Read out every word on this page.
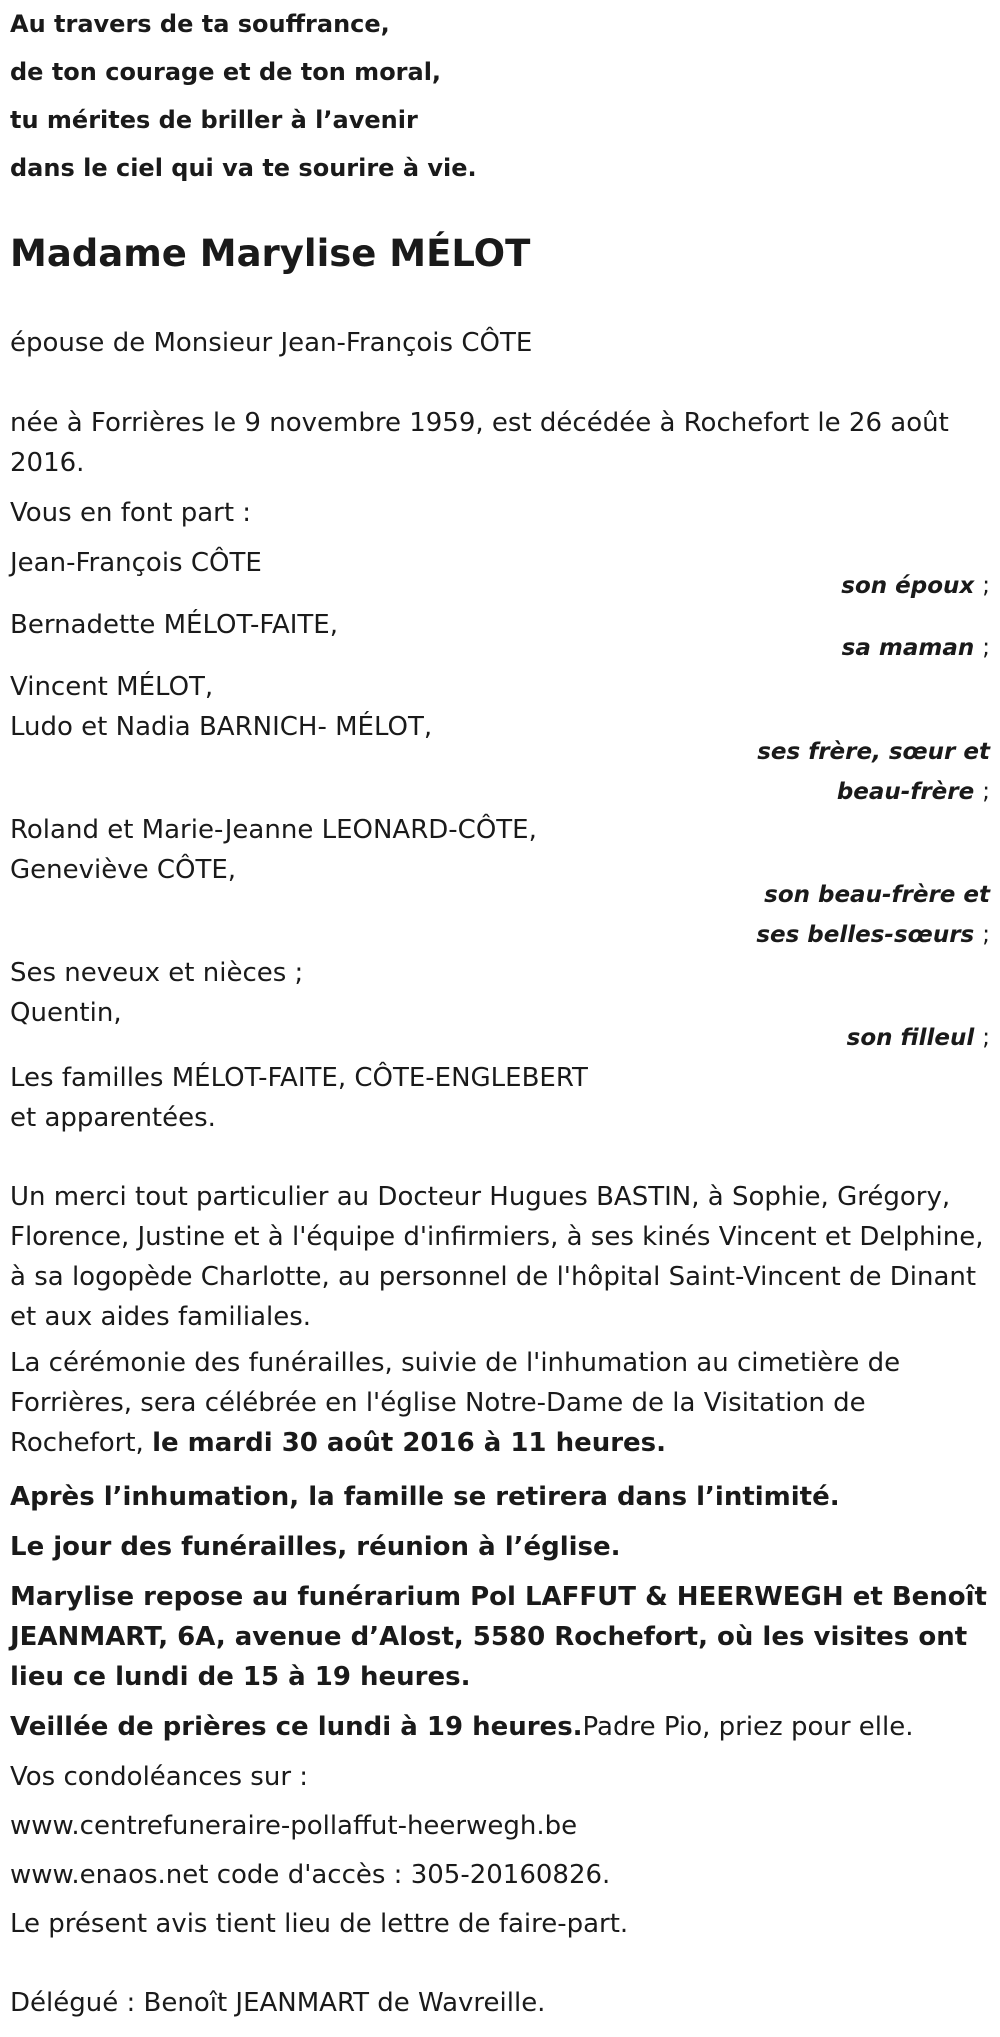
Au travers de ta souffrance,
de ton courage et de ton moral,
tu mérites de briller à l’avenir
dans le ciel qui va te sourire à vie.
Madame Marylise MÉLOT
épouse de Monsieur Jean-François CÔTE
née à Forrières le 9 novembre 1959, est décédée à Rochefort le 26 août 2016.
Vous en font part :
Jean-François CÔTE
son époux ;
Bernadette MÉLOT-FAITE,
sa maman ;
Vincent MÉLOT,
Ludo et Nadia BARNICH- MÉLOT,
ses frère, sœur et
beau-frère ;
Roland et Marie-Jeanne LEONARD-CÔTE,
Geneviève CÔTE,
son beau-frère et
ses belles-sœurs ;
Ses neveux et nièces ;
Quentin,
son filleul ;
Les familles MÉLOT-FAITE, CÔTE-ENGLEBERT
et apparentées.
Un merci tout particulier au Docteur Hugues BASTIN, à Sophie, Grégory, Florence, Justine et à l'équipe d'infirmiers, à ses kinés Vincent et Delphine, à sa logopède Charlotte, au personnel de l'hôpital Saint-Vincent de Dinant et aux aides familiales.
La cérémonie des funérailles, suivie de l'inhumation au cimetière de Forrières, sera célébrée en l'église Notre-Dame de la Visitation de Rochefort, le mardi 30 août 2016 à 11 heures.
Après l’inhumation, la famille se retirera dans l’intimité.
Le jour des funérailles, réunion à l’église.
Marylise repose au funérarium Pol LAFFUT & HEERWEGH et Benoît JEANMART, 6A, avenue d’Alost, 5580 Rochefort, où les visites ont lieu ce lundi de 15 à 19 heures.
Veillée de prières ce lundi à 19 heures.Padre Pio, priez pour elle.
Vos condoléances sur :
www.centrefuneraire-pollaffut-heerwegh.be
www.enaos.net code d'accès : 305-20160826.
Le présent avis tient lieu de lettre de faire-part.
Délégué : Benoît JEANMART de Wavreille.
